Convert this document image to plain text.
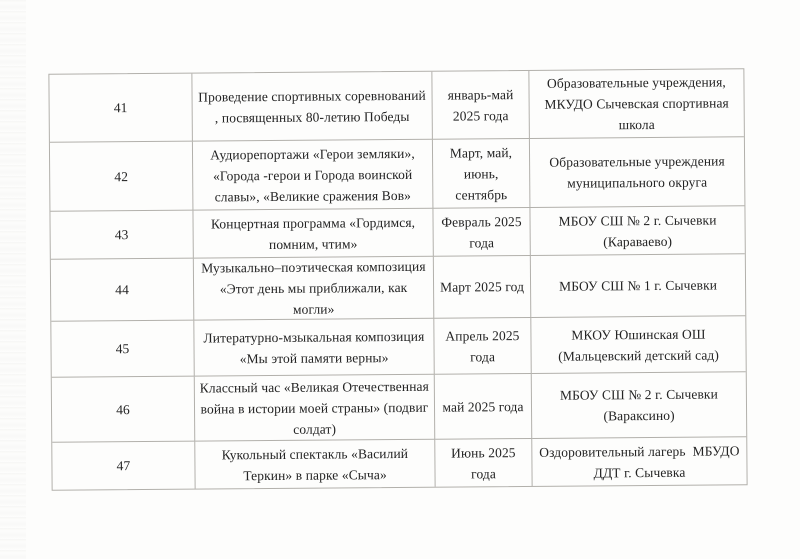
41
Проведение спортивных соревнований
, посвященных 80-летию Победы
январь-май
2025 года
Образовательные учреждения,
МКУДО Сычевская спортивная
школа
42
Аудиорепортажи «Герои земляки»,
«Города -герои и Города воинской
славы», «Великие сражения Вов»
Март, май,
июнь,
сентябрь
Образовательные учреждения
муниципального округа
43
Концертная программа «Гордимся,
помним, чтим»
Февраль 2025
года
МБОУ СШ № 2 г. Сычевки
(Караваево)
44
Музыкально–поэтическая композиция
«Этот день мы приближали, как
могли»
Март 2025 год	МБОУ СШ № 1 г. Сычевки
45
Литературно-мзыкальная композиция
«Мы этой памяти верны»
Апрель 2025
года
МКОУ Юшинская ОШ
(Мальцевский детский сад)
46
Классный час «Великая Отечественная
война в истории моей страны» (подвиг
солдат)
май 2025 года
МБОУ СШ № 2 г. Сычевки
(Вараксино)
47
Кукольный спектакль «Василий
Теркин» в парке «Сыча»
Июнь 2025
года
Оздоровительный лагерь  МБУДО
ДДТ г. Сычевка
